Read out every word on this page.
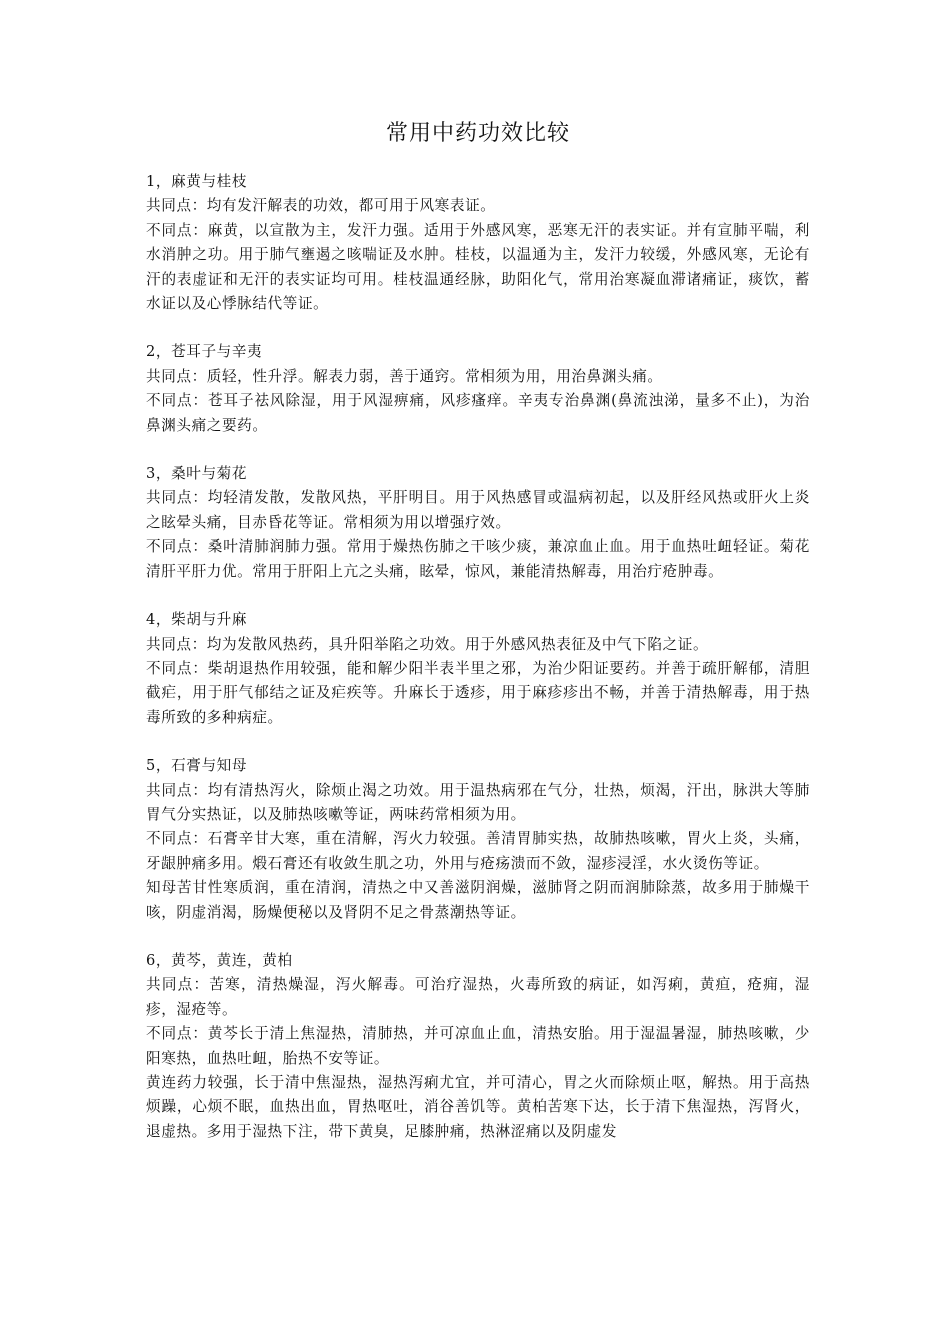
常用中药功效比较

1，麻黄与桂枝

共同点：均有发汗解表的功效，都可用于风寒表证。

不同点：麻黄，以宣散为主，发汗力强。适用于外感风寒，恶寒无汗的表实证。并有宣肺平喘，利水消肿之功。用于肺气壅遏之咳喘证及水肿。桂枝，以温通为主，发汗力较缓，外感风寒，无论有汗的表虚证和无汗的表实证均可用。桂枝温通经脉，助阳化气，常用治寒凝血滞诸痛证，痰饮，蓄水证以及心悸脉结代等证。

2，苍耳子与辛夷

共同点：质轻，性升浮。解表力弱，善于通窍。常相须为用，用治鼻渊头痛。

不同点：苍耳子祛风除湿，用于风湿痹痛，风疹瘙痒。辛夷专治鼻渊(鼻流浊涕，量多不止)，为治鼻渊头痛之要药。

3，桑叶与菊花

共同点：均轻清发散，发散风热，平肝明目。用于风热感冒或温病初起，以及肝经风热或肝火上炎之眩晕头痛，目赤昏花等证。常相须为用以增强疗效。

不同点：桑叶清肺润肺力强。常用于燥热伤肺之干咳少痰，兼凉血止血。用于血热吐衄轻证。菊花清肝平肝力优。常用于肝阳上亢之头痛，眩晕，惊风，兼能清热解毒，用治疔疮肿毒。

4，柴胡与升麻

共同点：均为发散风热药，具升阳举陷之功效。用于外感风热表征及中气下陷之证。

不同点：柴胡退热作用较强，能和解少阳半表半里之邪，为治少阳证要药。并善于疏肝解郁，清胆截疟，用于肝气郁结之证及疟疾等。升麻长于透疹，用于麻疹疹出不畅，并善于清热解毒，用于热毒所致的多种病症。

5，石膏与知母

共同点：均有清热泻火，除烦止渴之功效。用于温热病邪在气分，壮热，烦渴，汗出，脉洪大等肺胃气分实热证，以及肺热咳嗽等证，两味药常相须为用。

不同点：石膏辛甘大寒，重在清解，泻火力较强。善清胃肺实热，故肺热咳嗽，胃火上炎，头痛，牙龈肿痛多用。煅石膏还有收敛生肌之功，外用与疮疡溃而不敛，湿疹浸淫，水火烫伤等证。

知母苦甘性寒质润，重在清润，清热之中又善滋阴润燥，滋肺肾之阴而润肺除蒸，故多用于肺燥干咳，阴虚消渴，肠燥便秘以及肾阴不足之骨蒸潮热等证。

6，黄芩，黄连，黄柏

共同点：苦寒，清热燥湿，泻火解毒。可治疗湿热，火毒所致的病证，如泻痢，黄疸，疮痈，湿疹，湿疮等。

不同点：黄芩长于清上焦湿热，清肺热，并可凉血止血，清热安胎。用于湿温暑湿，肺热咳嗽，少阳寒热，血热吐衄，胎热不安等证。

黄连药力较强，长于清中焦湿热，湿热泻痢尤宜，并可清心，胃之火而除烦止呕，解热。用于高热烦躁，心烦不眠，血热出血，胃热呕吐，消谷善饥等。黄柏苦寒下达，长于清下焦湿热，泻肾火，退虚热。多用于湿热下注，带下黄臭，足膝肿痛，热淋涩痛以及阴虚发
